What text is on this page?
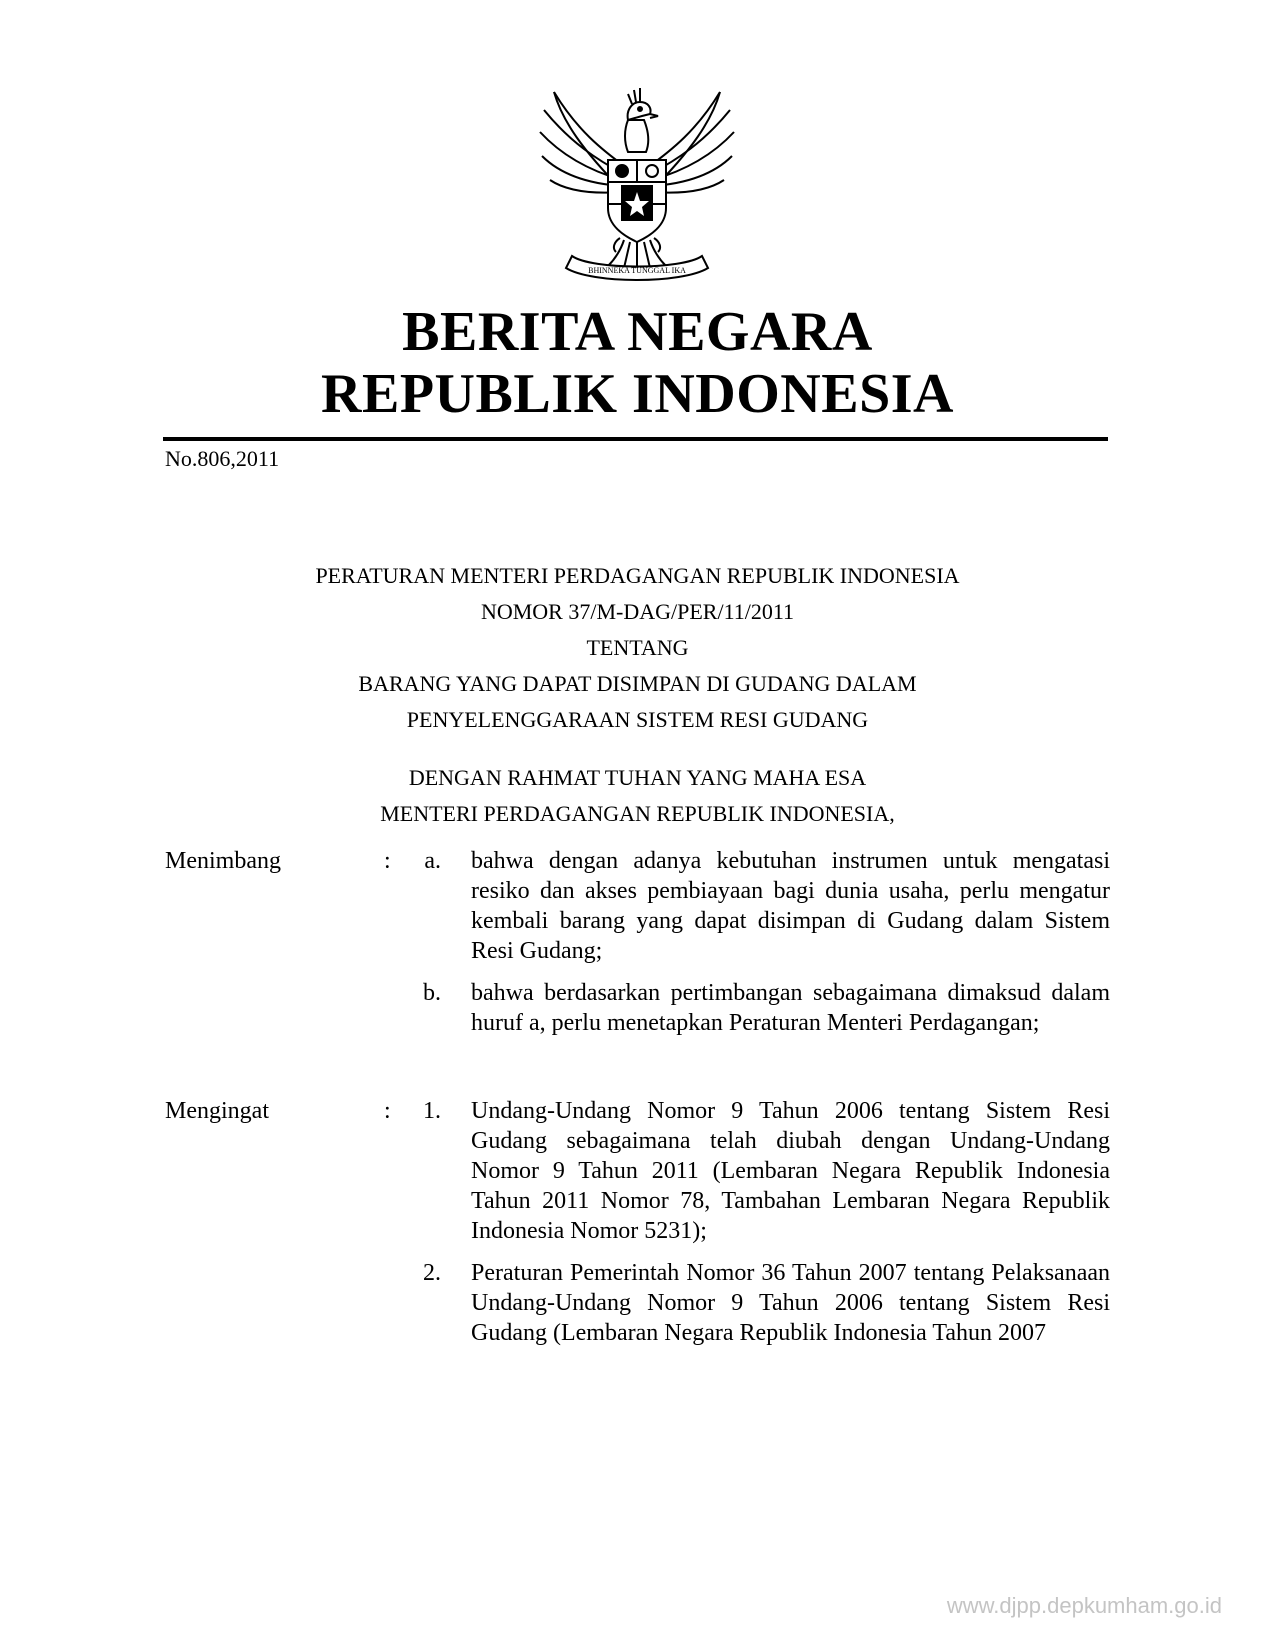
BHINNEKA TUNGGAL IKA
BERITA NEGARA
REPUBLIK INDONESIA
No.806,2011
PERATURAN MENTERI PERDAGANGAN REPUBLIK INDONESIA
NOMOR 37/M-DAG/PER/11/2011
TENTANG
BARANG YANG DAPAT DISIMPAN DI GUDANG DALAM
PENYELENGGARAAN SISTEM RESI GUDANG
DENGAN RAHMAT TUHAN YANG MAHA ESA
MENTERI PERDAGANGAN REPUBLIK INDONESIA,
Menimbang	:	a. bahwa dengan adanya kebutuhan instrumen untuk mengatasi resiko dan akses pembiayaan bagi dunia usaha, perlu mengatur kembali barang yang dapat disimpan di Gudang dalam Sistem Resi Gudang;
b. bahwa berdasarkan pertimbangan sebagaimana dimaksud dalam huruf a, perlu menetapkan Peraturan Menteri Perdagangan;
Mengingat	:	1. Undang-Undang Nomor 9 Tahun 2006 tentang Sistem Resi Gudang sebagaimana telah diubah dengan Undang-Undang Nomor 9 Tahun 2011 (Lembaran Negara Republik Indonesia Tahun 2011 Nomor 78, Tambahan Lembaran Negara Republik Indonesia Nomor 5231);
2. Peraturan Pemerintah Nomor 36 Tahun 2007 tentang Pelaksanaan Undang-Undang Nomor 9 Tahun 2006 tentang Sistem Resi Gudang (Lembaran Negara Republik Indonesia Tahun 2007
www.djpp.depkumham.go.id
